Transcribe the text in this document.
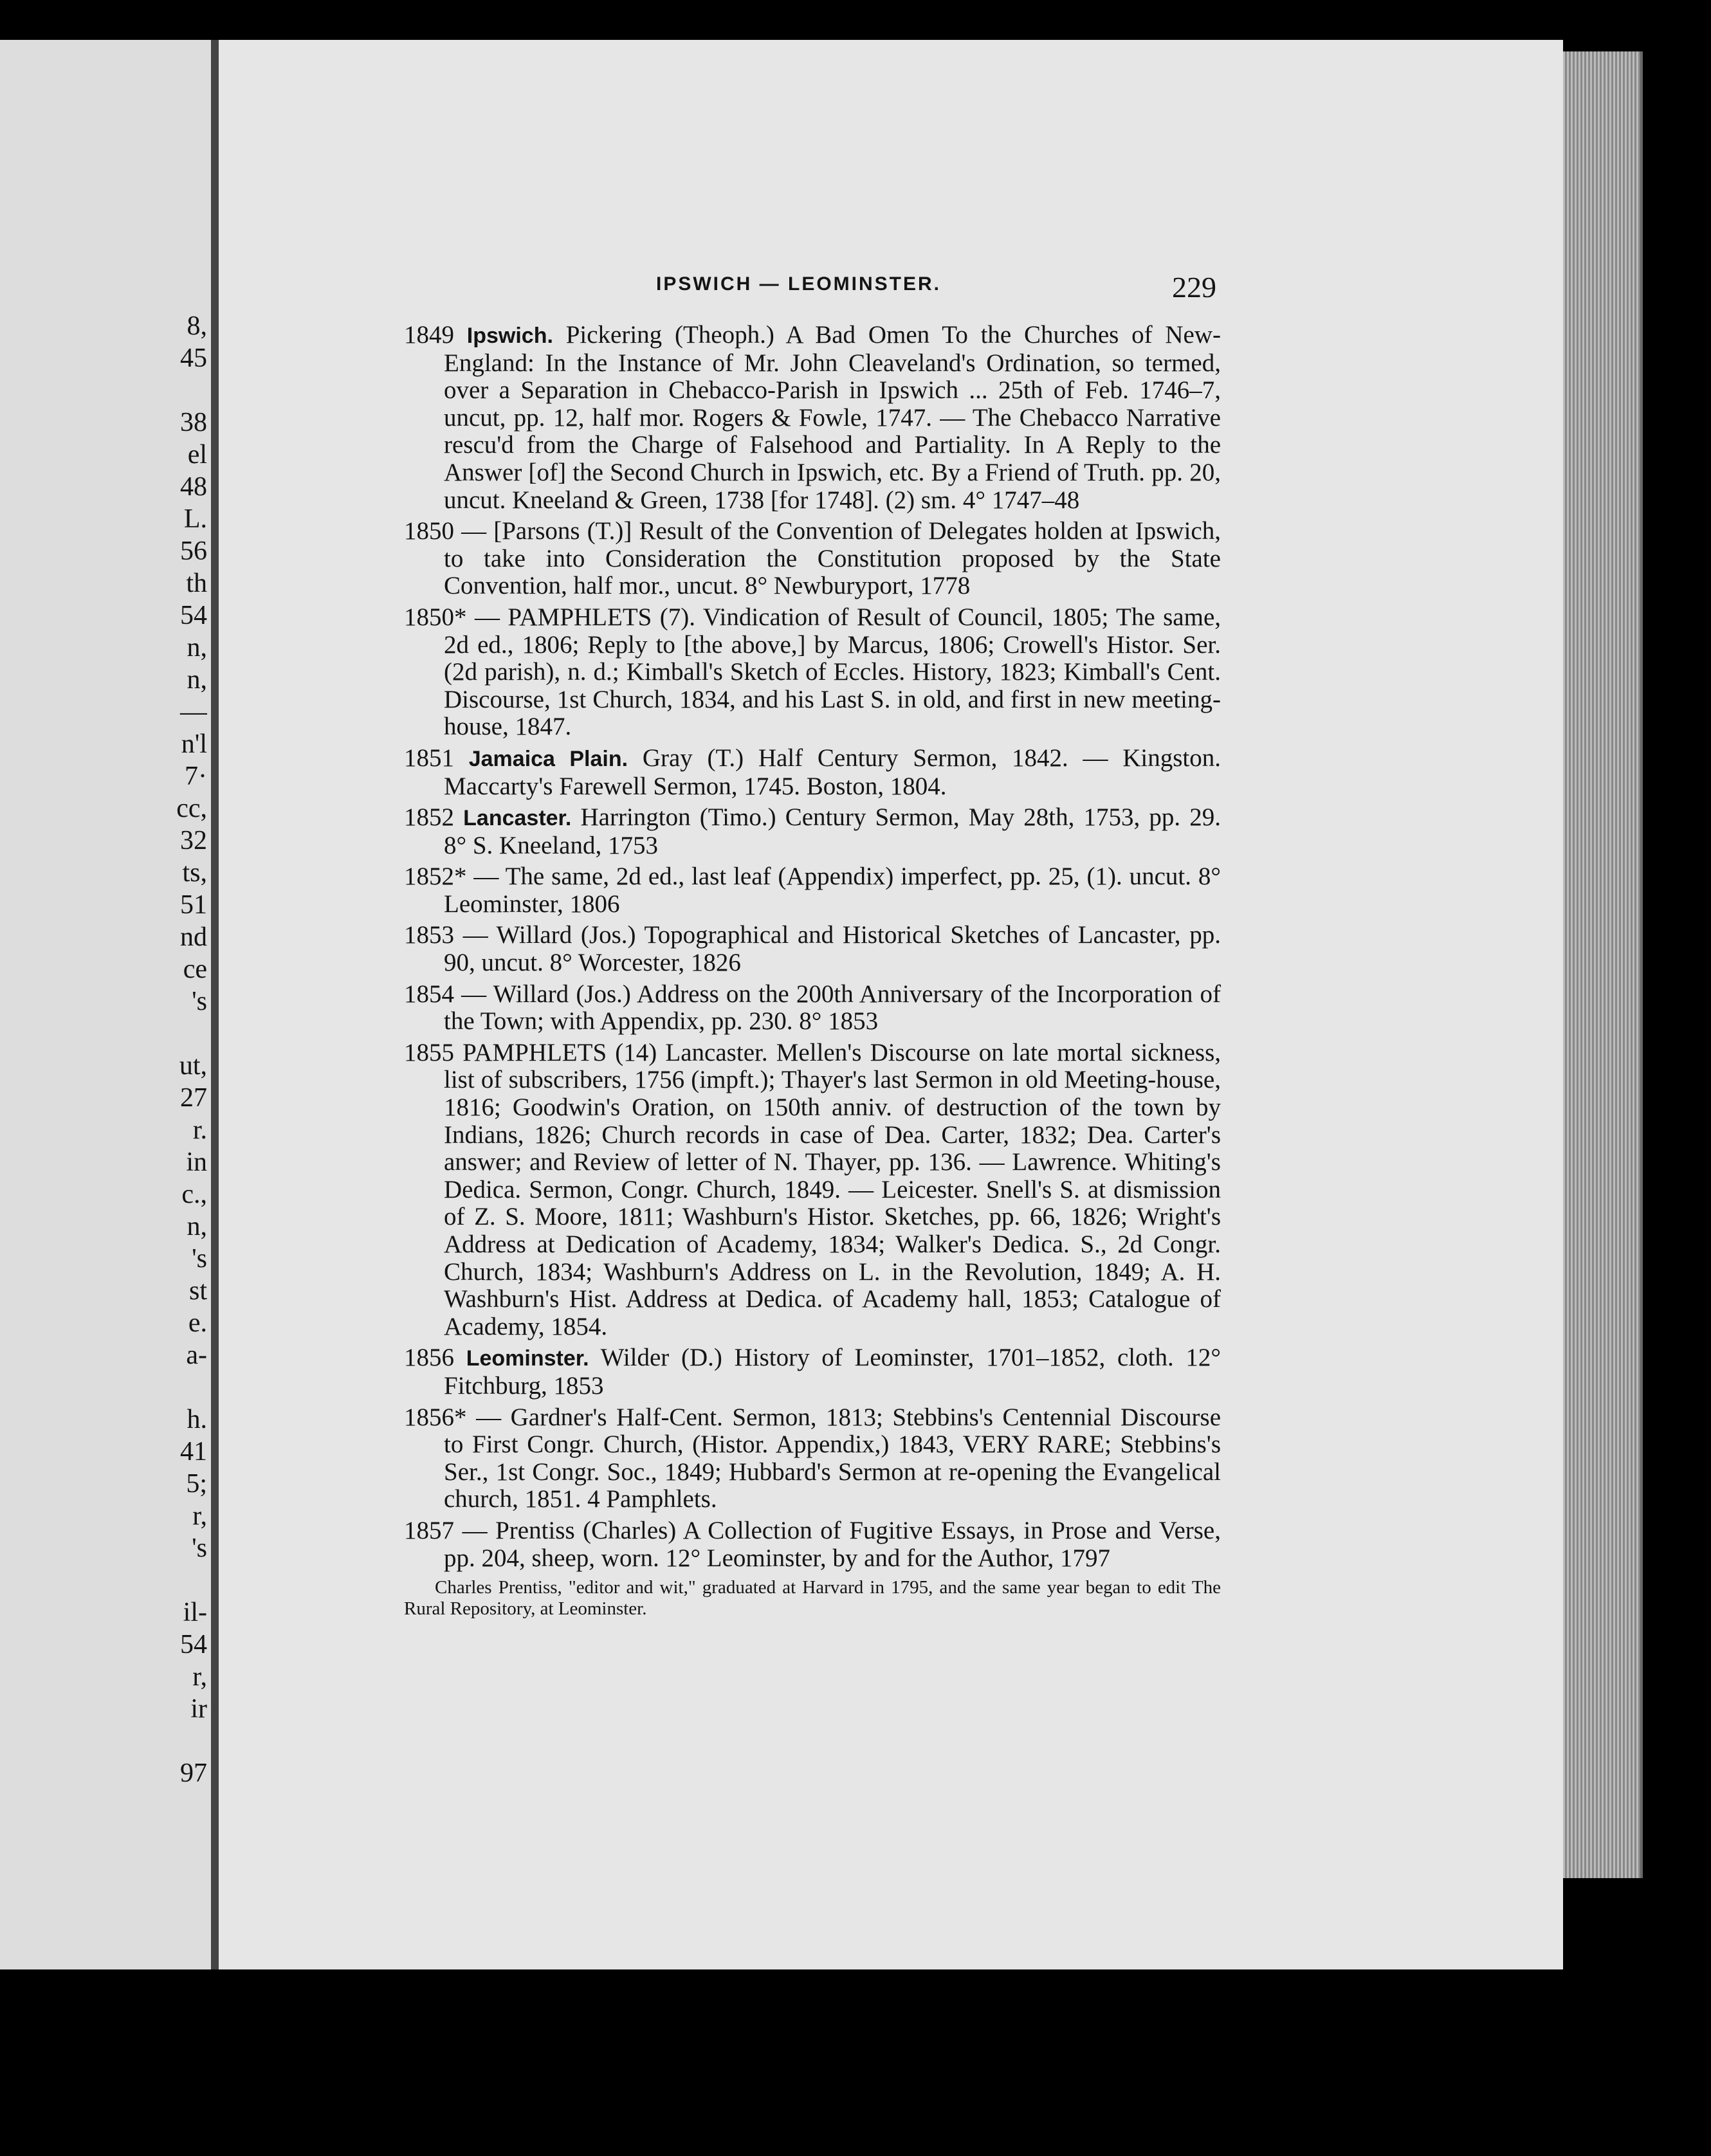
8,
45

38
el
48
L.
56
th
54
n,
n,
—
n'l
7·
cc,
32
ts,
51
nd
ce
's

ut,
27
r.
in
c.,
n,
's
st
e.
a-

h.
41
5;
r,
's

il-
54
r,
ir

97
IPSWICH — LEOMINSTER.	229
1849 Ipswich. Pickering (Theoph.) A Bad Omen To the Churches of New-England: In the Instance of Mr. John Cleaveland's Ordination, so termed, over a Separation in Chebacco-Parish in Ipswich ... 25th of Feb. 1746–7, uncut, pp. 12, half mor. Rogers & Fowle, 1747. — The Chebacco Narrative rescu'd from the Charge of Falsehood and Partiality. In A Reply to the Answer [of] the Second Church in Ipswich, etc. By a Friend of Truth. pp. 20, uncut. Kneeland & Green, 1738 [for 1748]. (2) sm. 4° 1747–48
1850 — [Parsons (T.)] Result of the Convention of Delegates holden at Ipswich, to take into Consideration the Constitution proposed by the State Convention, half mor., uncut. 8° Newburyport, 1778
1850* — PAMPHLETS (7). Vindication of Result of Council, 1805; The same, 2d ed., 1806; Reply to [the above,] by Marcus, 1806; Crowell's Histor. Ser. (2d parish), n. d.; Kimball's Sketch of Eccles. History, 1823; Kimball's Cent. Discourse, 1st Church, 1834, and his Last S. in old, and first in new meeting-house, 1847.
1851 Jamaica Plain. Gray (T.) Half Century Sermon, 1842. — Kingston. Maccarty's Farewell Sermon, 1745. Boston, 1804.
1852 Lancaster. Harrington (Timo.) Century Sermon, May 28th, 1753, pp. 29. 8° S. Kneeland, 1753
1852* — The same, 2d ed., last leaf (Appendix) imperfect, pp. 25, (1). uncut. 8° Leominster, 1806
1853 — Willard (Jos.) Topographical and Historical Sketches of Lancaster, pp. 90, uncut. 8° Worcester, 1826
1854 — Willard (Jos.) Address on the 200th Anniversary of the Incorporation of the Town; with Appendix, pp. 230. 8° 1853
1855 PAMPHLETS (14) Lancaster. Mellen's Discourse on late mortal sickness, list of subscribers, 1756 (impft.); Thayer's last Sermon in old Meeting-house, 1816; Goodwin's Oration, on 150th anniv. of destruction of the town by Indians, 1826; Church records in case of Dea. Carter, 1832; Dea. Carter's answer; and Review of letter of N. Thayer, pp. 136. — Lawrence. Whiting's Dedica. Sermon, Congr. Church, 1849. — Leicester. Snell's S. at dismission of Z. S. Moore, 1811; Washburn's Histor. Sketches, pp. 66, 1826; Wright's Address at Dedication of Academy, 1834; Walker's Dedica. S., 2d Congr. Church, 1834; Washburn's Address on L. in the Revolution, 1849; A. H. Washburn's Hist. Address at Dedica. of Academy hall, 1853; Catalogue of Academy, 1854.
1856 Leominster. Wilder (D.) History of Leominster, 1701–1852, cloth. 12° Fitchburg, 1853
1856* — Gardner's Half-Cent. Sermon, 1813; Stebbins's Centennial Discourse to First Congr. Church, (Histor. Appendix,) 1843, VERY RARE; Stebbins's Ser., 1st Congr. Soc., 1849; Hubbard's Sermon at re-opening the Evangelical church, 1851. 4 Pamphlets.
1857 — Prentiss (Charles) A Collection of Fugitive Essays, in Prose and Verse, pp. 204, sheep, worn. 12° Leominster, by and for the Author, 1797
Charles Prentiss, "editor and wit," graduated at Harvard in 1795, and the same year began to edit The Rural Repository, at Leominster.
